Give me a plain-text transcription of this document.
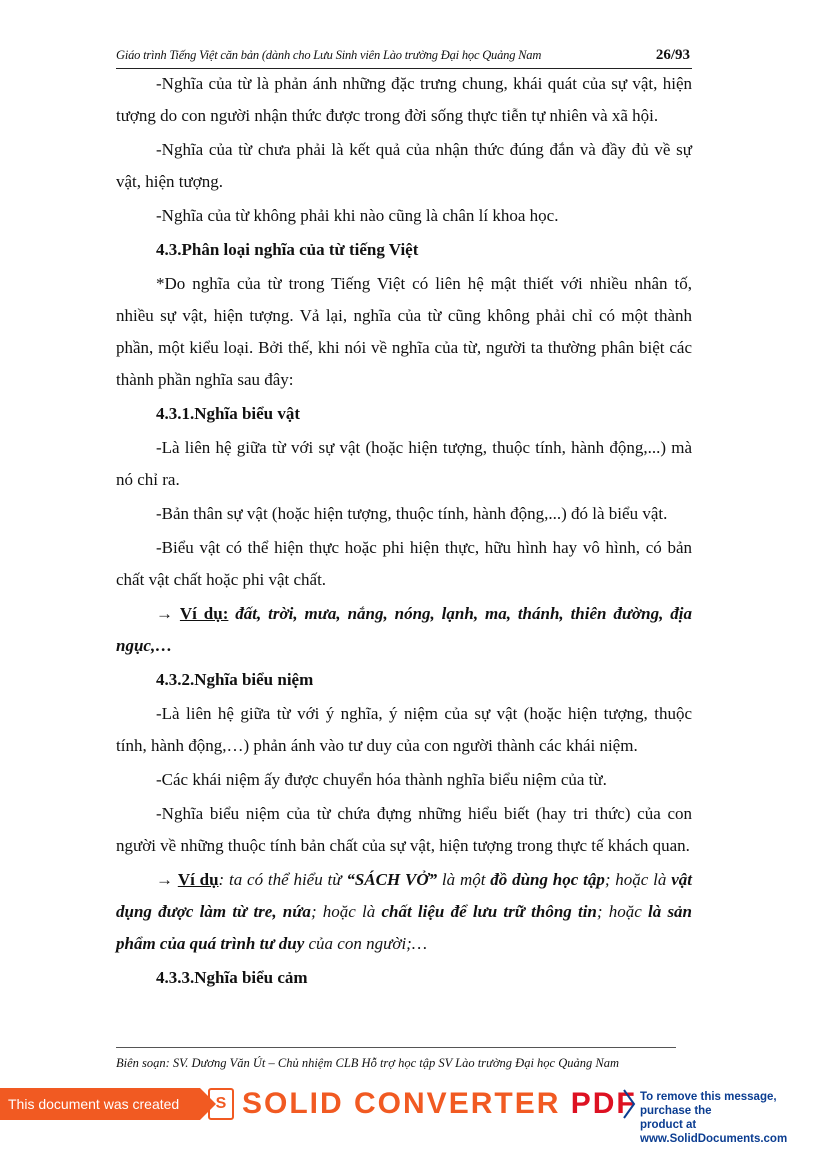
Giáo trình Tiếng Việt căn bản (dành cho Lưu Sinh viên Lào trường Đại học Quảng Nam	26/93

-Nghĩa của từ là phản ánh những đặc trưng chung, khái quát của sự vật, hiện tượng do con người nhận thức được trong đời sống thực tiễn tự nhiên và xã hội.

-Nghĩa của từ chưa phải là kết quả của nhận thức đúng đắn và đầy đủ về sự vật, hiện tượng.

-Nghĩa của từ không phải khi nào cũng là chân lí khoa học.

4.3.Phân loại nghĩa của từ tiếng Việt

*Do nghĩa của từ trong Tiếng Việt có liên hệ mật thiết với nhiều nhân tố, nhiều sự vật, hiện tượng. Vả lại, nghĩa của từ cũng không phải chỉ có một thành phần, một kiểu loại. Bởi thế, khi nói về nghĩa của từ, người ta thường phân biệt các thành phần nghĩa sau đây:

4.3.1.Nghĩa biểu vật

-Là liên hệ giữa từ với sự vật (hoặc hiện tượng, thuộc tính, hành động,...) mà nó chỉ ra.

-Bản thân sự vật (hoặc hiện tượng, thuộc tính, hành động,...) đó là biểu vật.

-Biểu vật có thể hiện thực hoặc phi hiện thực, hữu hình hay vô hình, có bản chất vật chất hoặc phi vật chất.

→ Ví dụ: đất, trời, mưa, nắng, nóng, lạnh, ma, thánh, thiên đường, địa ngục,…

4.3.2.Nghĩa biểu niệm

-Là liên hệ giữa từ với ý nghĩa, ý niệm của sự vật (hoặc hiện tượng, thuộc tính, hành động,…) phản ánh vào tư duy của con người thành các khái niệm.

-Các khái niệm ấy được chuyển hóa thành nghĩa biểu niệm của từ.

-Nghĩa biểu niệm của từ chứa đựng những hiểu biết (hay tri thức) của con người về những thuộc tính bản chất của sự vật, hiện tượng trong thực tế khách quan.

→ Ví dụ: ta có thể hiểu từ “SÁCH VỞ” là một đồ dùng học tập; hoặc là vật dụng được làm từ tre, nứa; hoặc là chất liệu để lưu trữ thông tin; hoặc là sản phẩm của quá trình tư duy của con người;…

4.3.3.Nghĩa biểu cảm

Biên soạn: SV. Dương Văn Út – Chủ nhiệm CLB Hỗ trợ học tập SV Lào trường Đại học Quảng Nam
This document was created using
S SOLID CONVERTER PDF To remove this message, purchase the
product at www.SolidDocuments.com
